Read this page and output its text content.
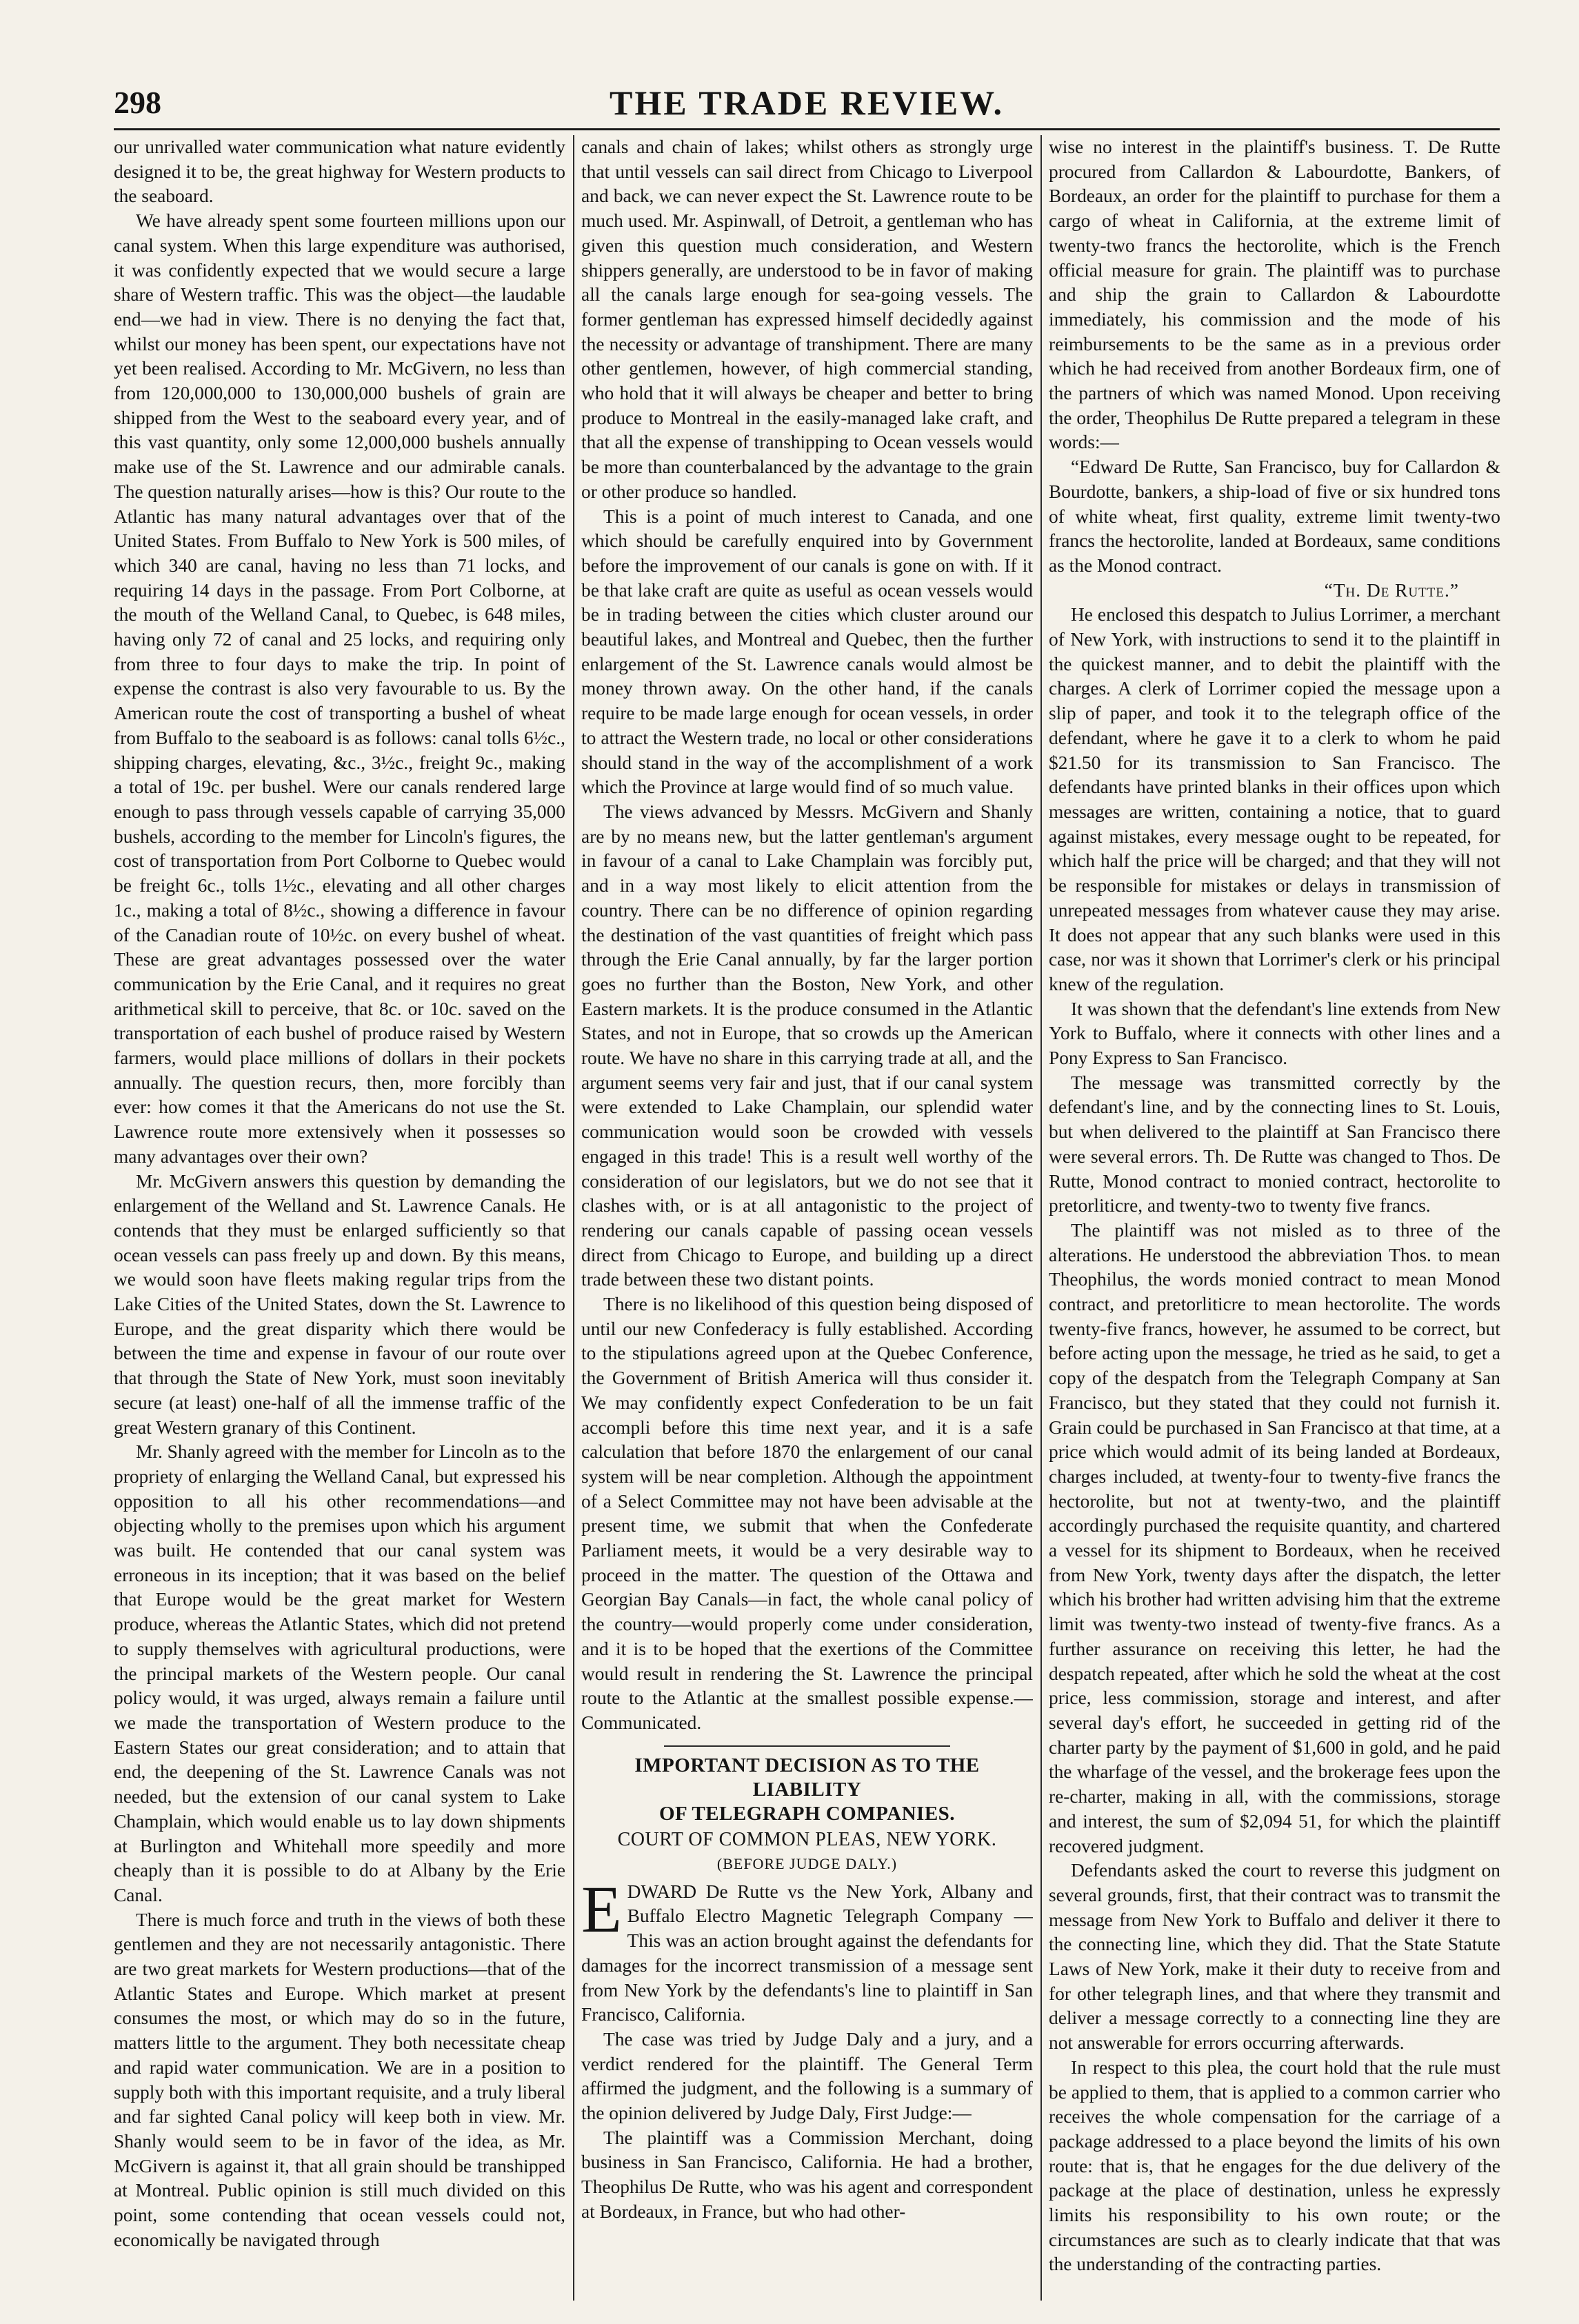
298	THE TRADE REVIEW.

our unrivalled water communication what nature evidently designed it to be, the great highway for Western products to the seaboard.

We have already spent some fourteen millions upon our canal system. When this large expenditure was authorised, it was confidently expected that we would secure a large share of Western traffic. This was the object—the laudable end—we had in view. There is no denying the fact that, whilst our money has been spent, our expectations have not yet been realised. According to Mr. McGivern, no less than from 120,000,000 to 130,000,000 bushels of grain are shipped from the West to the seaboard every year, and of this vast quantity, only some 12,000,000 bushels annually make use of the St. Lawrence and our admirable canals. The question naturally arises—how is this? Our route to the Atlantic has many natural advantages over that of the United States. From Buffalo to New York is 500 miles, of which 340 are canal, having no less than 71 locks, and requiring 14 days in the passage. From Port Colborne, at the mouth of the Welland Canal, to Quebec, is 648 miles, having only 72 of canal and 25 locks, and requiring only from three to four days to make the trip. In point of expense the contrast is also very favourable to us. By the American route the cost of transporting a bushel of wheat from Buffalo to the seaboard is as follows: canal tolls 6½c., shipping charges, elevating, &c., 3½c., freight 9c., making a total of 19c. per bushel. Were our canals rendered large enough to pass through vessels capable of carrying 35,000 bushels, according to the member for Lincoln's figures, the cost of transportation from Port Colborne to Quebec would be freight 6c., tolls 1½c., elevating and all other charges 1c., making a total of 8½c., showing a difference in favour of the Canadian route of 10½c. on every bushel of wheat. These are great advantages possessed over the water communication by the Erie Canal, and it requires no great arithmetical skill to perceive, that 8c. or 10c. saved on the transportation of each bushel of produce raised by Western farmers, would place millions of dollars in their pockets annually. The question recurs, then, more forcibly than ever: how comes it that the Americans do not use the St. Lawrence route more extensively when it possesses so many advantages over their own?

Mr. McGivern answers this question by demanding the enlargement of the Welland and St. Lawrence Canals. He contends that they must be enlarged sufficiently so that ocean vessels can pass freely up and down. By this means, we would soon have fleets making regular trips from the Lake Cities of the United States, down the St. Lawrence to Europe, and the great disparity which there would be between the time and expense in favour of our route over that through the State of New York, must soon inevitably secure (at least) one-half of all the immense traffic of the great Western granary of this Continent.

Mr. Shanly agreed with the member for Lincoln as to the propriety of enlarging the Welland Canal, but expressed his opposition to all his other recommendations—and objecting wholly to the premises upon which his argument was built. He contended that our canal system was erroneous in its inception; that it was based on the belief that Europe would be the great market for Western produce, whereas the Atlantic States, which did not pretend to supply themselves with agricultural productions, were the principal markets of the Western people. Our canal policy would, it was urged, always remain a failure until we made the transportation of Western produce to the Eastern States our great consideration; and to attain that end, the deepening of the St. Lawrence Canals was not needed, but the extension of our canal system to Lake Champlain, which would enable us to lay down shipments at Burlington and Whitehall more speedily and more cheaply than it is possible to do at Albany by the Erie Canal.

There is much force and truth in the views of both these gentlemen and they are not necessarily antagonistic. There are two great markets for Western productions—that of the Atlantic States and Europe. Which market at present consumes the most, or which may do so in the future, matters little to the argument. They both necessitate cheap and rapid water communication. We are in a position to supply both with this important requisite, and a truly liberal and far sighted Canal policy will keep both in view. Mr. Shanly would seem to be in favor of the idea, as Mr. McGivern is against it, that all grain should be transhipped at Montreal. Public opinion is still much divided on this point, some contending that ocean vessels could not, economically be navigated through

canals and chain of lakes; whilst others as strongly urge that until vessels can sail direct from Chicago to Liverpool and back, we can never expect the St. Lawrence route to be much used. Mr. Aspinwall, of Detroit, a gentleman who has given this question much consideration, and Western shippers generally, are understood to be in favor of making all the canals large enough for sea-going vessels. The former gentleman has expressed himself decidedly against the necessity or advantage of transhipment. There are many other gentlemen, however, of high commercial standing, who hold that it will always be cheaper and better to bring produce to Montreal in the easily-managed lake craft, and that all the expense of transhipping to Ocean vessels would be more than counterbalanced by the advantage to the grain or other produce so handled.

This is a point of much interest to Canada, and one which should be carefully enquired into by Government before the improvement of our canals is gone on with. If it be that lake craft are quite as useful as ocean vessels would be in trading between the cities which cluster around our beautiful lakes, and Montreal and Quebec, then the further enlargement of the St. Lawrence canals would almost be money thrown away. On the other hand, if the canals require to be made large enough for ocean vessels, in order to attract the Western trade, no local or other considerations should stand in the way of the accomplishment of a work which the Province at large would find of so much value.

The views advanced by Messrs. McGivern and Shanly are by no means new, but the latter gentleman's argument in favour of a canal to Lake Champlain was forcibly put, and in a way most likely to elicit attention from the country. There can be no difference of opinion regarding the destination of the vast quantities of freight which pass through the Erie Canal annually, by far the larger portion goes no further than the Boston, New York, and other Eastern markets. It is the produce consumed in the Atlantic States, and not in Europe, that so crowds up the American route. We have no share in this carrying trade at all, and the argument seems very fair and just, that if our canal system were extended to Lake Champlain, our splendid water communication would soon be crowded with vessels engaged in this trade! This is a result well worthy of the consideration of our legislators, but we do not see that it clashes with, or is at all antagonistic to the project of rendering our canals capable of passing ocean vessels direct from Chicago to Europe, and building up a direct trade between these two distant points.

There is no likelihood of this question being disposed of until our new Confederacy is fully established. According to the stipulations agreed upon at the Quebec Conference, the Government of British America will thus consider it. We may confidently expect Confederation to be un fait accompli before this time next year, and it is a safe calculation that before 1870 the enlargement of our canal system will be near completion. Although the appointment of a Select Committee may not have been advisable at the present time, we submit that when the Confederate Parliament meets, it would be a very desirable way to proceed in the matter. The question of the Ottawa and Georgian Bay Canals—in fact, the whole canal policy of the country—would properly come under consideration, and it is to be hoped that the exertions of the Committee would result in rendering the St. Lawrence the principal route to the Atlantic at the smallest possible expense.—Communicated.

IMPORTANT DECISION AS TO THE LIABILITY
OF TELEGRAPH COMPANIES.
COURT OF COMMON PLEAS, NEW YORK.
(BEFORE JUDGE DALY.)

EDWARD De Rutte vs the New York, Albany and Buffalo Electro Magnetic Telegraph Company — This was an action brought against the defendants for damages for the incorrect transmission of a message sent from New York by the defendants's line to plaintiff in San Francisco, California.

The case was tried by Judge Daly and a jury, and a verdict rendered for the plaintiff. The General Term affirmed the judgment, and the following is a summary of the opinion delivered by Judge Daly, First Judge:—

The plaintiff was a Commission Merchant, doing business in San Francisco, California. He had a brother, Theophilus De Rutte, who was his agent and correspondent at Bordeaux, in France, but who had other-

wise no interest in the plaintiff's business. T. De Rutte procured from Callardon & Labourdotte, Bankers, of Bordeaux, an order for the plaintiff to purchase for them a cargo of wheat in California, at the extreme limit of twenty-two francs the hectorolite, which is the French official measure for grain. The plaintiff was to purchase and ship the grain to Callardon & Labourdotte immediately, his commission and the mode of his reimbursements to be the same as in a previous order which he had received from another Bordeaux firm, one of the partners of which was named Monod. Upon receiving the order, Theophilus De Rutte prepared a telegram in these words:—

“Edward De Rutte, San Francisco, buy for Callardon & Bourdotte, bankers, a ship-load of five or six hundred tons of white wheat, first quality, extreme limit twenty-two francs the hectorolite, landed at Bordeaux, same conditions as the Monod contract.

“Th. De Rutte.”

He enclosed this despatch to Julius Lorrimer, a merchant of New York, with instructions to send it to the plaintiff in the quickest manner, and to debit the plaintiff with the charges. A clerk of Lorrimer copied the message upon a slip of paper, and took it to the telegraph office of the defendant, where he gave it to a clerk to whom he paid $21.50 for its transmission to San Francisco. The defendants have printed blanks in their offices upon which messages are written, containing a notice, that to guard against mistakes, every message ought to be repeated, for which half the price will be charged; and that they will not be responsible for mistakes or delays in transmission of unrepeated messages from whatever cause they may arise. It does not appear that any such blanks were used in this case, nor was it shown that Lorrimer's clerk or his principal knew of the regulation.

It was shown that the defendant's line extends from New York to Buffalo, where it connects with other lines and a Pony Express to San Francisco.

The message was transmitted correctly by the defendant's line, and by the connecting lines to St. Louis, but when delivered to the plaintiff at San Francisco there were several errors. Th. De Rutte was changed to Thos. De Rutte, Monod contract to monied contract, hectorolite to pretorliticre, and twenty-two to twenty five francs.

The plaintiff was not misled as to three of the alterations. He understood the abbreviation Thos. to mean Theophilus, the words monied contract to mean Monod contract, and pretorliticre to mean hectorolite. The words twenty-five francs, however, he assumed to be correct, but before acting upon the message, he tried as he said, to get a copy of the despatch from the Telegraph Company at San Francisco, but they stated that they could not furnish it. Grain could be purchased in San Francisco at that time, at a price which would admit of its being landed at Bordeaux, charges included, at twenty-four to twenty-five francs the hectorolite, but not at twenty-two, and the plaintiff accordingly purchased the requisite quantity, and chartered a vessel for its shipment to Bordeaux, when he received from New York, twenty days after the dispatch, the letter which his brother had written advising him that the extreme limit was twenty-two instead of twenty-five francs. As a further assurance on receiving this letter, he had the despatch repeated, after which he sold the wheat at the cost price, less commission, storage and interest, and after several day's effort, he succeeded in getting rid of the charter party by the payment of $1,600 in gold, and he paid the wharfage of the vessel, and the brokerage fees upon the re-charter, making in all, with the commissions, storage and interest, the sum of $2,094 51, for which the plaintiff recovered judgment.

Defendants asked the court to reverse this judgment on several grounds, first, that their contract was to transmit the message from New York to Buffalo and deliver it there to the connecting line, which they did. That the State Statute Laws of New York, make it their duty to receive from and for other telegraph lines, and that where they transmit and deliver a message correctly to a connecting line they are not answerable for errors occurring afterwards.

In respect to this plea, the court hold that the rule must be applied to them, that is applied to a common carrier who receives the whole compensation for the carriage of a package addressed to a place beyond the limits of his own route: that is, that he engages for the due delivery of the package at the place of destination, unless he expressly limits his responsibility to his own route; or the circumstances are such as to clearly indicate that that was the understanding of the contracting parties.
